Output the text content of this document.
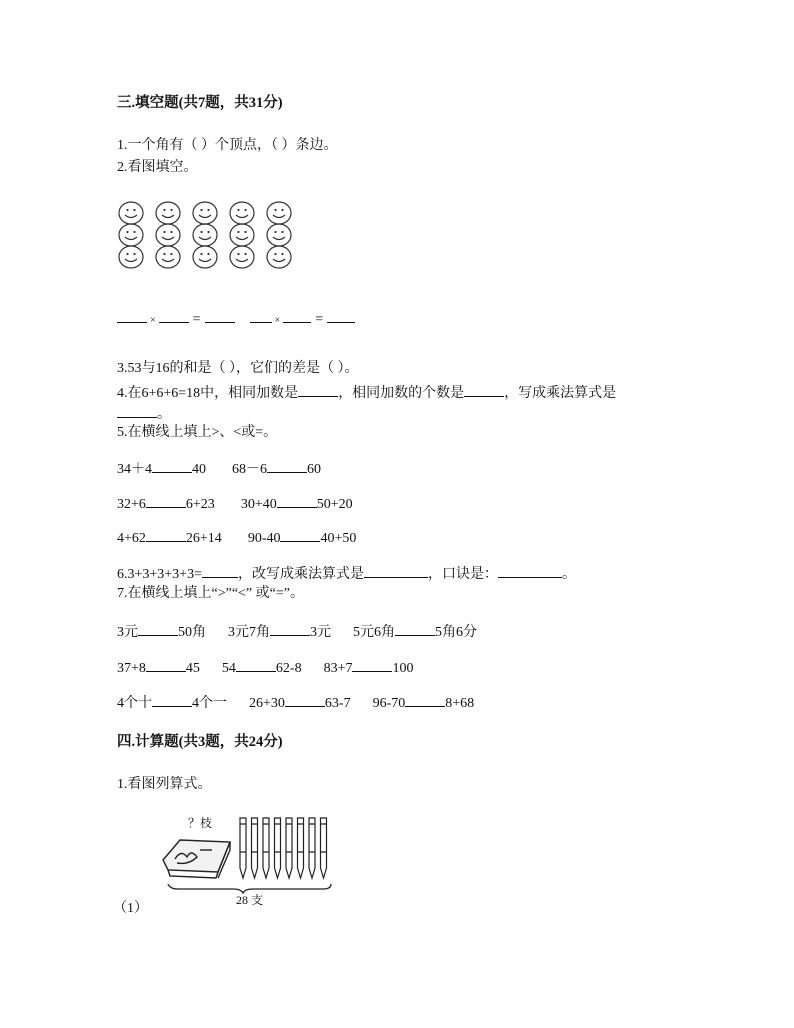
三.填空题(共7题，共31分)
1.一个角有（ ）个顶点，（ ）条边。
2.看图填空。
×	=	×	=
3.53与16的和是（ ），它们的差是（ ）。
4.在6+6+6=18中，相同加数是	，相同加数的个数是	，写成乘法算式是
。
5.在横线上填上>、<或=。
34＋4	40 68－6	60
32+6	6+23 30+40	50+20
4+62	26+14 90-40	40+50
6.3+3+3+3+3=	，改写成乘法算式是	，口诀是：	。
7.在横线上填上“>”“<” 或“=”。
3元	50角 3元7角	3元 5元6角	5角6分
37+8	45 54	62-8 83+7	100
4个十	4个一 26+30	63-7 96-70	8+68
四.计算题(共3题，共24分)
1.看图列算式。
？枝
28 支
（1）
